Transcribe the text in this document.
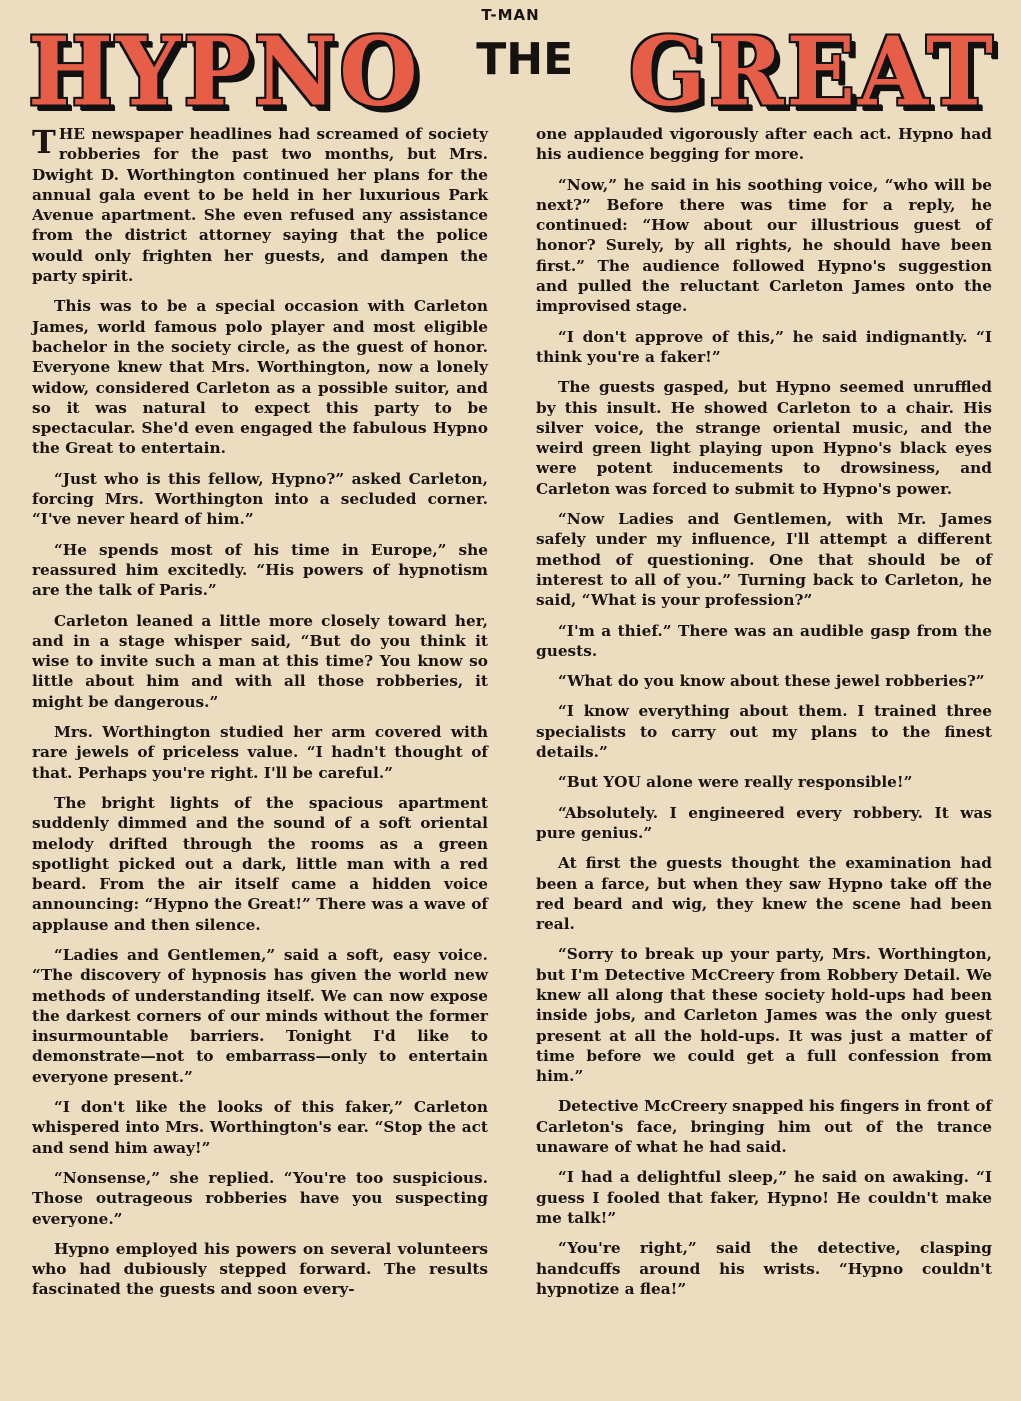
T-MAN
HYPNO THE GREAT

THE newspaper headlines had screamed of society robberies for the past two months, but Mrs. Dwight D. Worthington continued her plans for the annual gala event to be held in her luxurious Park Avenue apartment. She even refused any assistance from the district attorney saying that the police would only frighten her guests, and dampen the party spirit.

This was to be a special occasion with Carleton James, world famous polo player and most eligible bachelor in the society circle, as the guest of honor. Everyone knew that Mrs. Worthington, now a lonely widow, considered Carleton as a possible suitor, and so it was natural to expect this party to be spectacular. She'd even engaged the fabulous Hypno the Great to entertain.

“Just who is this fellow, Hypno?” asked Carleton, forcing Mrs. Worthington into a secluded corner. “I've never heard of him.”

“He spends most of his time in Europe,” she reassured him excitedly. “His powers of hypnotism are the talk of Paris.”

Carleton leaned a little more closely toward her, and in a stage whisper said, “But do you think it wise to invite such a man at this time? You know so little about him and with all those robberies, it might be dangerous.”

Mrs. Worthington studied her arm covered with rare jewels of priceless value. “I hadn't thought of that. Perhaps you're right. I'll be careful.”

The bright lights of the spacious apartment suddenly dimmed and the sound of a soft oriental melody drifted through the rooms as a green spotlight picked out a dark, little man with a red beard. From the air itself came a hidden voice announcing: “Hypno the Great!” There was a wave of applause and then silence.

“Ladies and Gentlemen,” said a soft, easy voice. “The discovery of hypnosis has given the world new methods of understanding itself. We can now expose the darkest corners of our minds without the former insurmountable barriers. Tonight I'd like to demonstrate—not to embarrass—only to entertain everyone present.”

“I don't like the looks of this faker,” Carleton whispered into Mrs. Worthington's ear. “Stop the act and send him away!”

“Nonsense,” she replied. “You're too suspicious. Those outrageous robberies have you suspecting everyone.”

Hypno employed his powers on several volunteers who had dubiously stepped forward. The results fascinated the guests and soon every-

one applauded vigorously after each act. Hypno had his audience begging for more.

“Now,” he said in his soothing voice, “who will be next?” Before there was time for a reply, he continued: “How about our illustrious guest of honor? Surely, by all rights, he should have been first.” The audience followed Hypno's suggestion and pulled the reluctant Carleton James onto the improvised stage.

“I don't approve of this,” he said indignantly. “I think you're a faker!”

The guests gasped, but Hypno seemed unruffled by this insult. He showed Carleton to a chair. His silver voice, the strange oriental music, and the weird green light playing upon Hypno's black eyes were potent inducements to drowsiness, and Carleton was forced to submit to Hypno's power.

“Now Ladies and Gentlemen, with Mr. James safely under my influence, I'll attempt a different method of questioning. One that should be of interest to all of you.” Turning back to Carleton, he said, “What is your profession?”

“I'm a thief.” There was an audible gasp from the guests.

“What do you know about these jewel robberies?”

“I know everything about them. I trained three specialists to carry out my plans to the finest details.”

“But YOU alone were really responsible!”

“Absolutely. I engineered every robbery. It was pure genius.”

At first the guests thought the examination had been a farce, but when they saw Hypno take off the red beard and wig, they knew the scene had been real.

“Sorry to break up your party, Mrs. Worthington, but I'm Detective McCreery from Robbery Detail. We knew all along that these society hold-ups had been inside jobs, and Carleton James was the only guest present at all the hold-ups. It was just a matter of time before we could get a full confession from him.”

Detective McCreery snapped his fingers in front of Carleton's face, bringing him out of the trance unaware of what he had said.

“I had a delightful sleep,” he said on awaking. “I guess I fooled that faker, Hypno! He couldn't make me talk!”

“You're right,” said the detective, clasping handcuffs around his wrists. “Hypno couldn't hypnotize a flea!”
